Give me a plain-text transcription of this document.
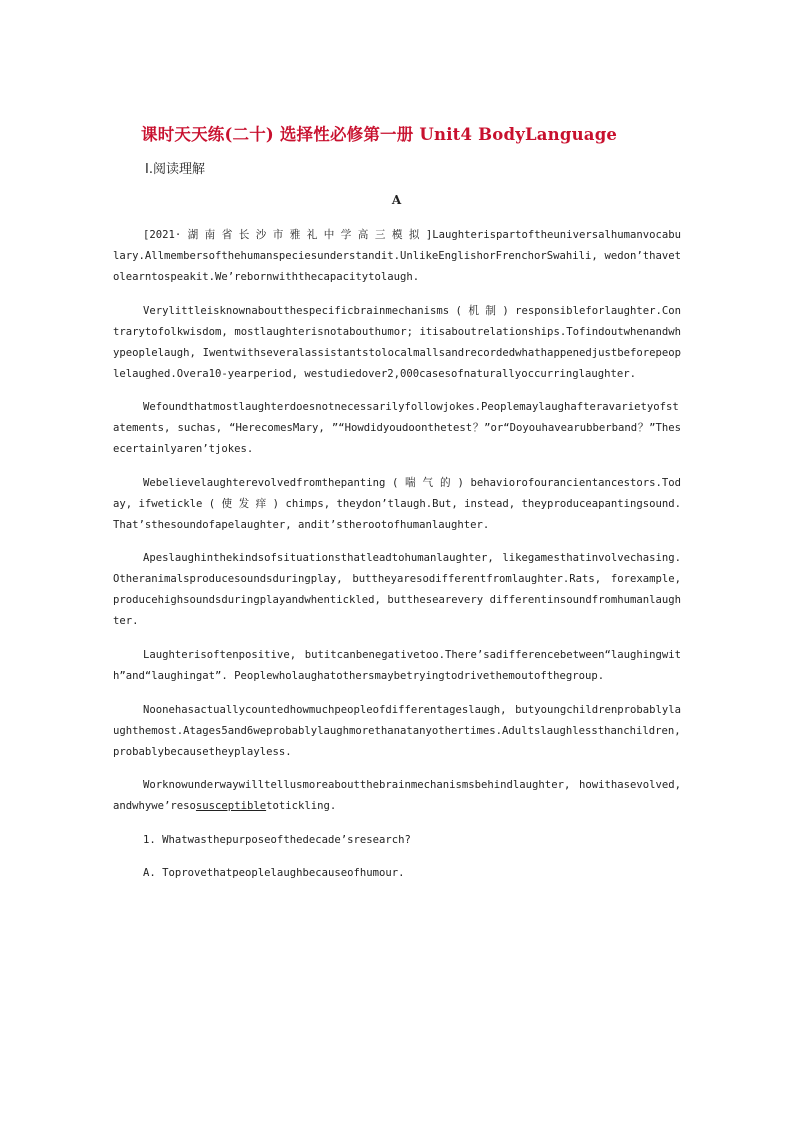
课时天天练(二十) 选择性必修第一册 Unit4 BodyLanguage
Ⅰ.阅读理解
A

[2021· 湖 南 省 长 沙 市 雅 礼 中 学 高 三 模 拟 ]Laughterispartoftheuniversalhumanvocabulary.Allmembersofthehumanspeciesunderstandit.UnlikeEnglishorFrenchorSwahili, wedon’thavetolearntospeakit.We’rebornwiththecapacitytolaugh.

Verylittleisknownaboutthespecificbrainmechanisms ( 机 制 ) responsibleforlaughter.Contrarytofolkwisdom, mostlaughterisnotabouthumor; itisaboutrelationships.Tofindoutwhenandwhypeoplelaugh, Iwentwithseveralassistantstolocalmallsandrecordedwhathappenedjustbeforepeoplelaughed.Overa10-yearperiod, westudiedover2,000casesofnaturallyoccurringlaughter.

Wefoundthatmostlaughterdoesnotnecessarilyfollowjokes.Peoplemaylaughafteravarietyofstatements, suchas, “HerecomesMary, ”“Howdidyoudoonthetest？”or“Doyouhavearubberband？”Thesecertainlyaren’tjokes.

Webelievelaughterevolvedfromthepanting ( 喘 气 的 ) behaviorofourancientancestors.Today, ifwetickle ( 使 发 痒 ) chimps, theydon’tlaugh.But, instead, theyproduceapantingsound.That’sthesoundofapelaughter, andit’stherootofhumanlaughter.

Apeslaughinthekindsofsituationsthatleadtohumanlaughter, likegamesthatinvolvechasing.Otheranimalsproducesoundsduringplay, buttheyaresodifferentfromlaughter.Rats, forexample, producehighsoundsduringplayandwhentickled, butthesearevery differentinsoundfromhumanlaughter.

Laughterisoftenpositive, butitcanbenegativetoo.There’sadifferencebetween“laughingwith”and“laughingat”. Peoplewholaughatothersmaybetryingtodrivethemoutofthegroup.

Noonehasactuallycountedhowmuchpeopleofdifferentageslaugh, butyoungchildrenprobablylaughthemost.Atages5and6weprobablylaughmorethanatanyothertimes.Adultslaughlessthanchildren, probablybecausetheyplayless.

Worknowunderwaywilltellusmoreaboutthebrainmechanismsbehindlaughter, howithasevolved, andwhywe’resosusceptibletotickling.

1. Whatwasthepurposeofthedecade’sresearch?

A. Toprovethatpeoplelaughbecauseofhumour.
